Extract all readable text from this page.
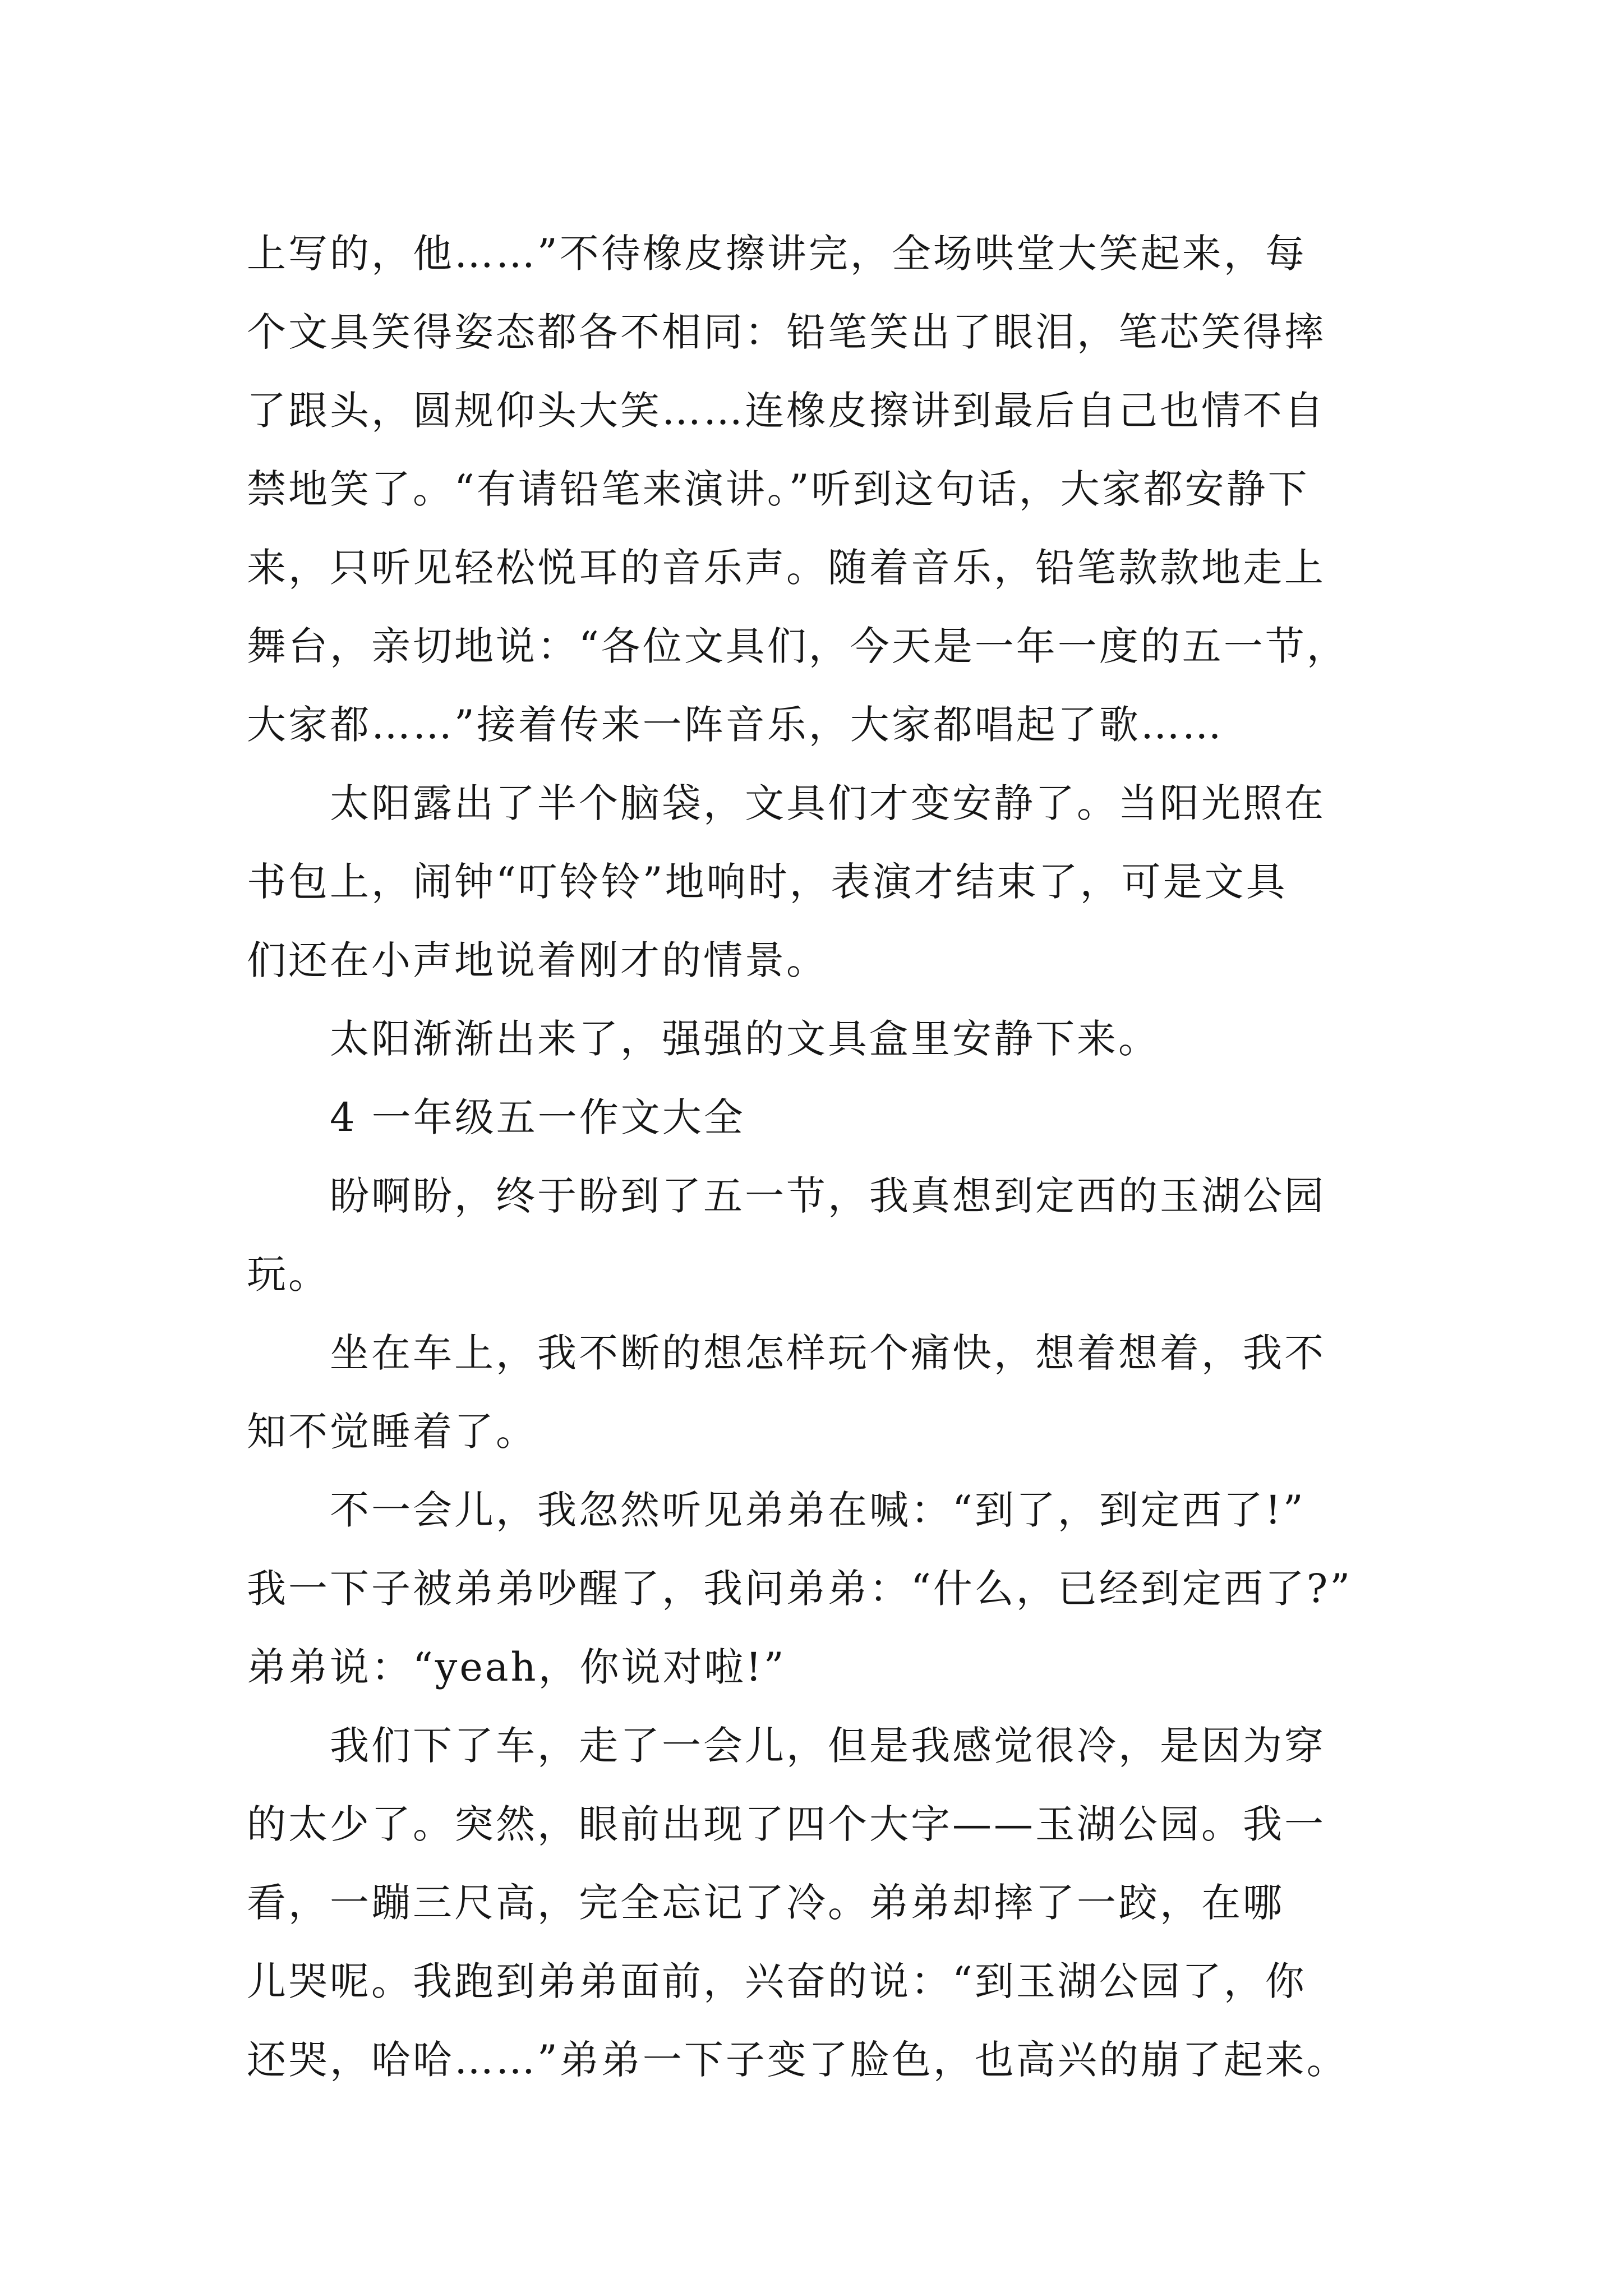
上写的，他……”不待橡皮擦讲完，全场哄堂大笑起来，每
个文具笑得姿态都各不相同：铅笔笑出了眼泪，笔芯笑得摔
了跟头，圆规仰头大笑……连橡皮擦讲到最后自己也情不自
禁地笑了。“有请铅笔来演讲。”听到这句话，大家都安静下
来，只听见轻松悦耳的音乐声。随着音乐，铅笔款款地走上
舞台，亲切地说：“各位文具们，今天是一年一度的五一节，
大家都……”接着传来一阵音乐，大家都唱起了歌……

太阳露出了半个脑袋，文具们才变安静了。当阳光照在
书包上，闹钟“叮铃铃”地响时，表演才结束了，可是文具
们还在小声地说着刚才的情景。

太阳渐渐出来了，强强的文具盒里安静下来。

4 一年级五一作文大全

盼啊盼，终于盼到了五一节，我真想到定西的玉湖公园
玩。

坐在车上，我不断的想怎样玩个痛快，想着想着，我不
知不觉睡着了。

不一会儿，我忽然听见弟弟在喊：“到了，到定西了!”
我一下子被弟弟吵醒了，我问弟弟：“什么，已经到定西了?”
弟弟说：“yeah，你说对啦!”

我们下了车，走了一会儿，但是我感觉很冷，是因为穿
的太少了。突然，眼前出现了四个大字——玉湖公园。我一
看，一蹦三尺高，完全忘记了冷。弟弟却摔了一跤，在哪
儿哭呢。我跑到弟弟面前，兴奋的说：“到玉湖公园了，你
还哭，哈哈……”弟弟一下子变了脸色，也高兴的崩了起来。
